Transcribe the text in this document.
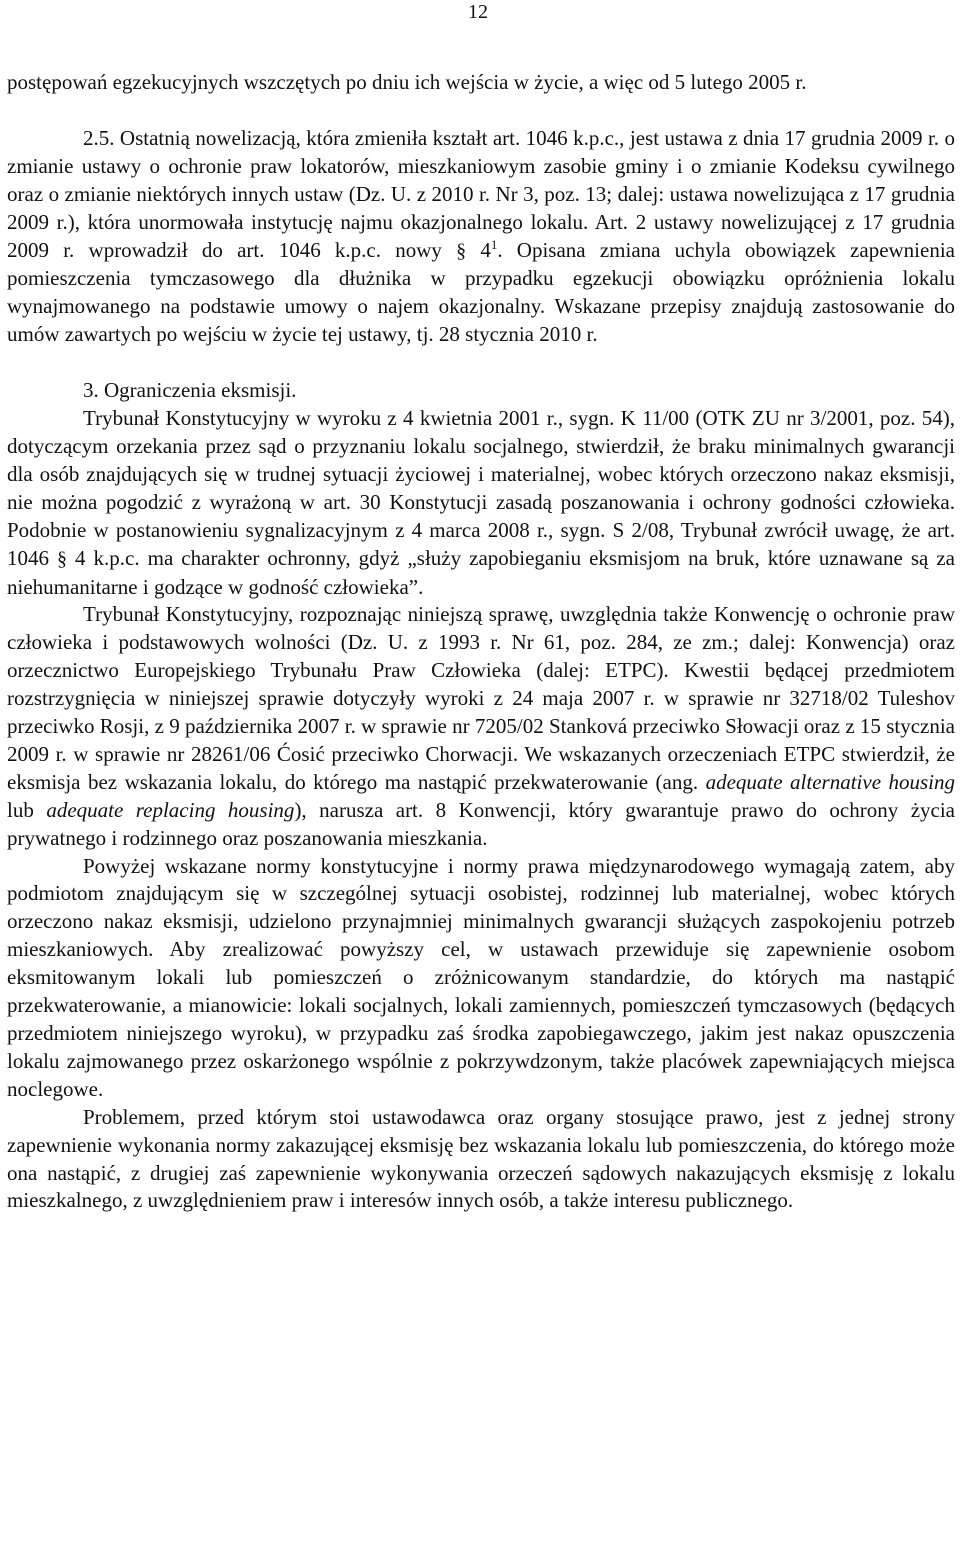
12

postępowań egzekucyjnych wszczętych po dniu ich wejścia w życie, a więc od 5 lutego 2005 r.

2.5. Ostatnią nowelizacją, która zmieniła kształt art. 1046 k.p.c., jest ustawa z dnia 17 grudnia 2009 r. o zmianie ustawy o ochronie praw lokatorów, mieszkaniowym zasobie gminy i o zmianie Kodeksu cywilnego oraz o zmianie niektórych innych ustaw (Dz. U. z 2010 r. Nr 3, poz. 13; dalej: ustawa nowelizująca z 17 grudnia 2009 r.), która unormowała instytucję najmu okazjonalnego lokalu. Art. 2 ustawy nowelizującej z 17 grudnia 2009 r. wprowadził do art. 1046 k.p.c. nowy § $4^1$. Opisana zmiana uchyla obowiązek zapewnienia pomieszczenia tymczasowego dla dłużnika w przypadku egzekucji obowiązku opróżnienia lokalu wynajmowanego na podstawie umowy o najem okazjonalny. Wskazane przepisy znajdują zastosowanie do umów zawartych po wejściu w życie tej ustawy, tj. 28 stycznia 2010 r.

3. Ograniczenia eksmisji.

Trybunał Konstytucyjny w wyroku z 4 kwietnia 2001 r., sygn. K 11/00 (OTK ZU nr 3/2001, poz. 54), dotyczącym orzekania przez sąd o przyznaniu lokalu socjalnego, stwierdził, że braku minimalnych gwarancji dla osób znajdujących się w trudnej sytuacji życiowej i materialnej, wobec których orzeczono nakaz eksmisji, nie można pogodzić z wyrażoną w art. 30 Konstytucji zasadą poszanowania i ochrony godności człowieka. Podobnie w postanowieniu sygnalizacyjnym z 4 marca 2008 r., sygn. S 2/08, Trybunał zwrócił uwagę, że art. 1046 § 4 k.p.c. ma charakter ochronny, gdyż „służy zapobieganiu eksmisjom na bruk, które uznawane są za niehumanitarne i godzące w godność człowieka”.

Trybunał Konstytucyjny, rozpoznając niniejszą sprawę, uwzględnia także Konwencję o ochronie praw człowieka i podstawowych wolności (Dz. U. z 1993 r. Nr 61, poz. 284, ze zm.; dalej: Konwencja) oraz orzecznictwo Europejskiego Trybunału Praw Człowieka (dalej: ETPC). Kwestii będącej przedmiotem rozstrzygnięcia w niniejszej sprawie dotyczyły wyroki z 24 maja 2007 r. w sprawie nr 32718/02 Tuleshov przeciwko Rosji, z 9 października 2007 r. w sprawie nr 7205/02 Stanková przeciwko Słowacji oraz z 15 stycznia 2009 r. w sprawie nr 28261/06 Ćosić przeciwko Chorwacji. We wskazanych orzeczeniach ETPC stwierdził, że eksmisja bez wskazania lokalu, do którego ma nastąpić przekwaterowanie (ang. adequate alternative housing lub adequate replacing housing), narusza art. 8 Konwencji, który gwarantuje prawo do ochrony życia prywatnego i rodzinnego oraz poszanowania mieszkania.

Powyżej wskazane normy konstytucyjne i normy prawa międzynarodowego wymagają zatem, aby podmiotom znajdującym się w szczególnej sytuacji osobistej, rodzinnej lub materialnej, wobec których orzeczono nakaz eksmisji, udzielono przynajmniej minimalnych gwarancji służących zaspokojeniu potrzeb mieszkaniowych. Aby zrealizować powyższy cel, w ustawach przewiduje się zapewnienie osobom eksmitowanym lokali lub pomieszczeń o zróżnicowanym standardzie, do których ma nastąpić przekwaterowanie, a mianowicie: lokali socjalnych, lokali zamiennych, pomieszczeń tymczasowych (będących przedmiotem niniejszego wyroku), w przypadku zaś środka zapobiegawczego, jakim jest nakaz opuszczenia lokalu zajmowanego przez oskarżonego wspólnie z pokrzywdzonym, także placówek zapewniających miejsca noclegowe.

Problemem, przed którym stoi ustawodawca oraz organy stosujące prawo, jest z jednej strony zapewnienie wykonania normy zakazującej eksmisję bez wskazania lokalu lub pomieszczenia, do którego może ona nastąpić, z drugiej zaś zapewnienie wykonywania orzeczeń sądowych nakazujących eksmisję z lokalu mieszkalnego, z uwzględnieniem praw i interesów innych osób, a także interesu publicznego.
